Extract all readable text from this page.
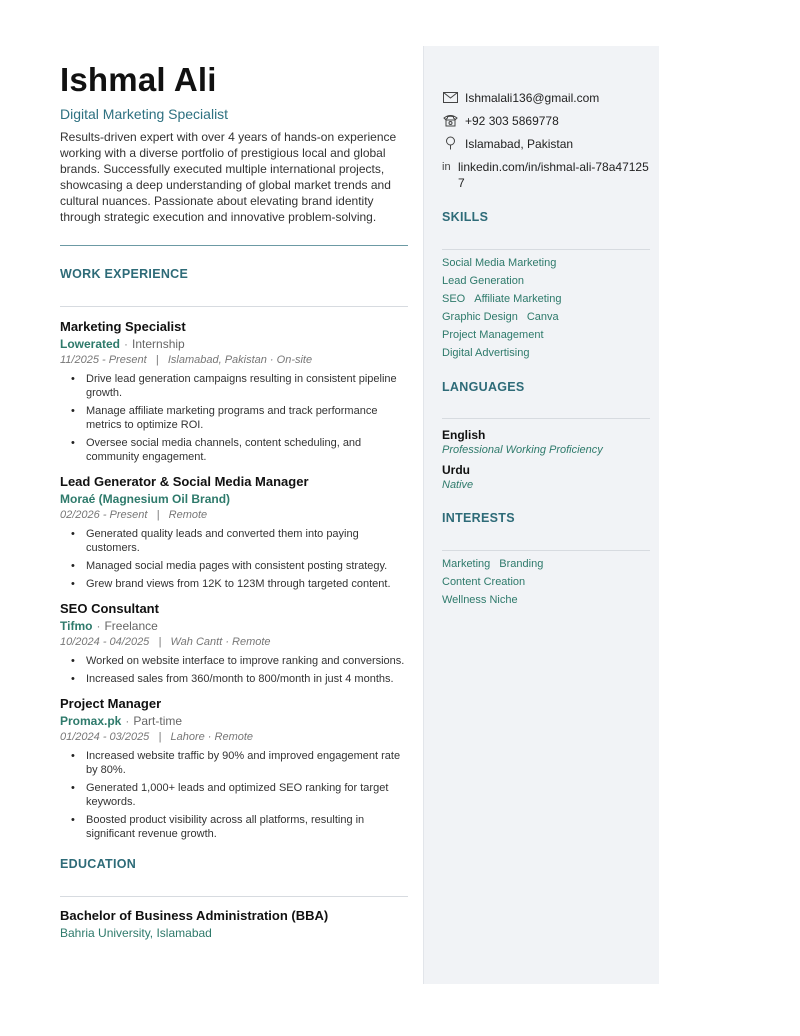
Ishmal Ali
Digital Marketing Specialist
Results-driven expert with over 4 years of hands-on experience working with a diverse portfolio of prestigious local and global brands. Successfully executed multiple international projects, showcasing a deep understanding of global market trends and cultural nuances. Passionate about elevating brand identity through strategic execution and innovative problem-solving.
WORK EXPERIENCE
Marketing Specialist
Lowerated · Internship
11/2025 - Present   |   Islamabad, Pakistan · On-site
• Drive lead generation campaigns resulting in consistent pipeline growth.
• Manage affiliate marketing programs and track performance metrics to optimize ROI.
• Oversee social media channels, content scheduling, and community engagement.
Lead Generator & Social Media Manager
Moraé (Magnesium Oil Brand)
02/2026 - Present   |   Remote
• Generated quality leads and converted them into paying customers.
• Managed social media pages with consistent posting strategy.
• Grew brand views from 12K to 123M through targeted content.
SEO Consultant
Tifmo · Freelance
10/2024 - 04/2025   |   Wah Cantt · Remote
• Worked on website interface to improve ranking and conversions.
• Increased sales from 360/month to 800/month in just 4 months.
Project Manager
Promax.pk · Part-time
01/2024 - 03/2025   |   Lahore · Remote
• Increased website traffic by 90% and improved engagement rate by 80%.
• Generated 1,000+ leads and optimized SEO ranking for target keywords.
• Boosted product visibility across all platforms, resulting in significant revenue growth.
EDUCATION
Bachelor of Business Administration (BBA)
Bahria University, Islamabad
Ishmalali136@gmail.com
+92 303 5869778
Islamabad, Pakistan
in linkedin.com/in/ishmal-ali-78a471257
SKILLS
Social Media MarketingLead Generation
SEO Affiliate Marketing
Graphic Design Canva
Project Management
Digital Advertising
LANGUAGES
English
Professional Working Proficiency
Urdu
Native
INTERESTS
Marketing Branding
Content Creation
Wellness Niche
